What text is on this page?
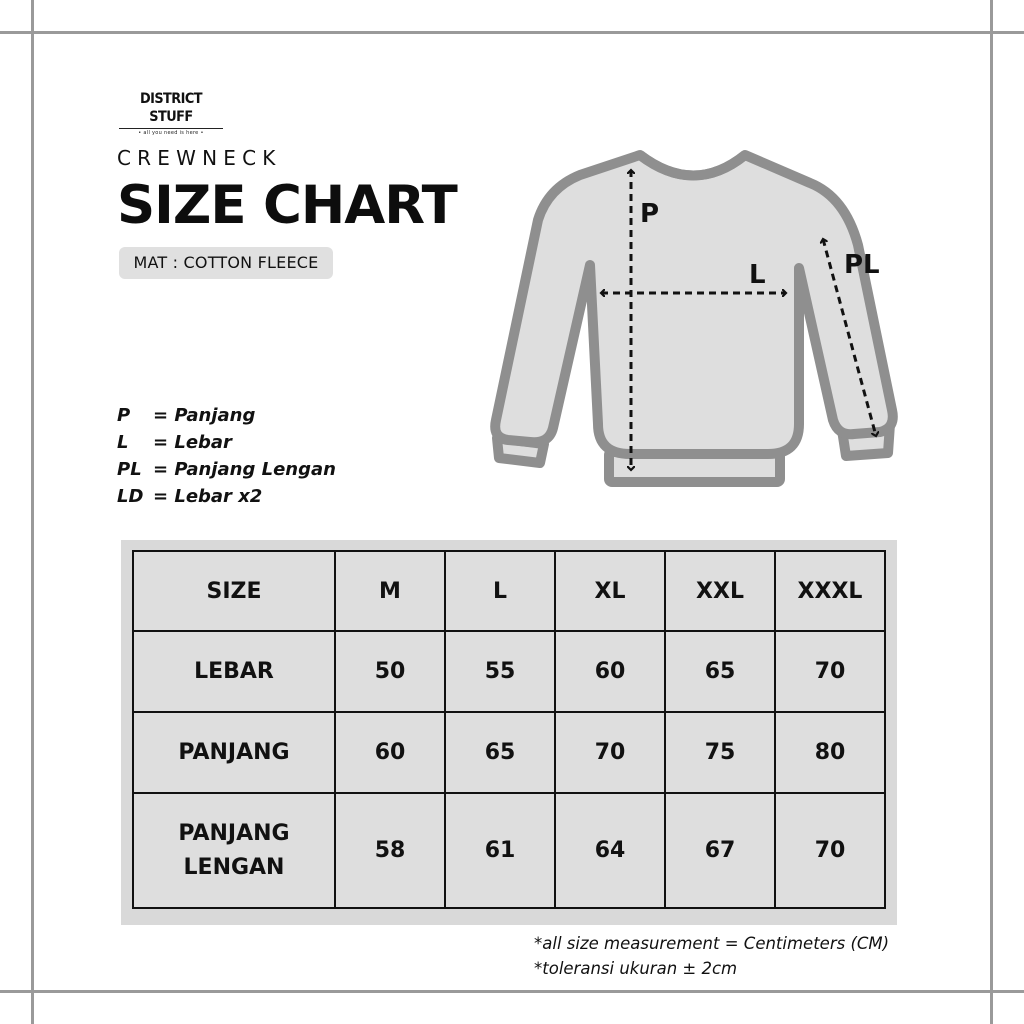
DISTRICT STUFF
• all you need is here •
CREWNECK
SIZE CHART
MAT : COTTON FLEECE
P	= Panjang
L	= Lebar
PL = Panjang Lengan
LD = Lebar x2
P
L	PL
SIZE	M	L	XL	XXL	XXXL
LEBAR	50	55	60	65	70
PANJANG	60	65	70	75	80
PANJANG
LENGAN	58	61	64	67	70
*all size measurement = Centimeters (CM)
*toleransi ukuran ± 2cm
